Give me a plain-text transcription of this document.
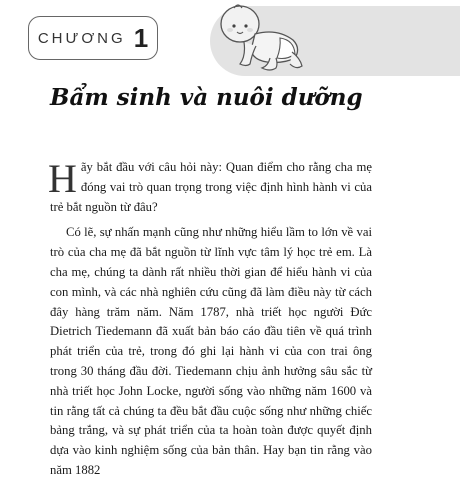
CHƯƠNG 1
Bẩm sinh và nuôi dưỡng

Hãy bắt đầu với câu hỏi này: Quan điểm cho rằng cha mẹ đóng vai trò quan trọng trong việc định hình hành vi của trẻ bắt nguồn từ đâu?

Có lẽ, sự nhấn mạnh cũng như những hiểu lầm to lớn về vai trò của cha mẹ đã bắt nguồn từ lĩnh vực tâm lý học trẻ em. Là cha mẹ, chúng ta dành rất nhiều thời gian để hiểu hành vi của con mình, và các nhà nghiên cứu cũng đã làm điều này từ cách đây hàng trăm năm. Năm 1787, nhà triết học người Đức Dietrich Tiedemann đã xuất bản báo cáo đầu tiên về quá trình phát triển của trẻ, trong đó ghi lại hành vi của con trai ông trong 30 tháng đầu đời. Tiedemann chịu ảnh hưởng sâu sắc từ nhà triết học John Locke, người sống vào những năm 1600 và tin rằng tất cả chúng ta đều bắt đầu cuộc sống như những chiếc bảng trắng, và sự phát triển của ta hoàn toàn được quyết định dựa vào kinh nghiệm sống của bản thân. Hay bạn tin rằng vào năm 1882
